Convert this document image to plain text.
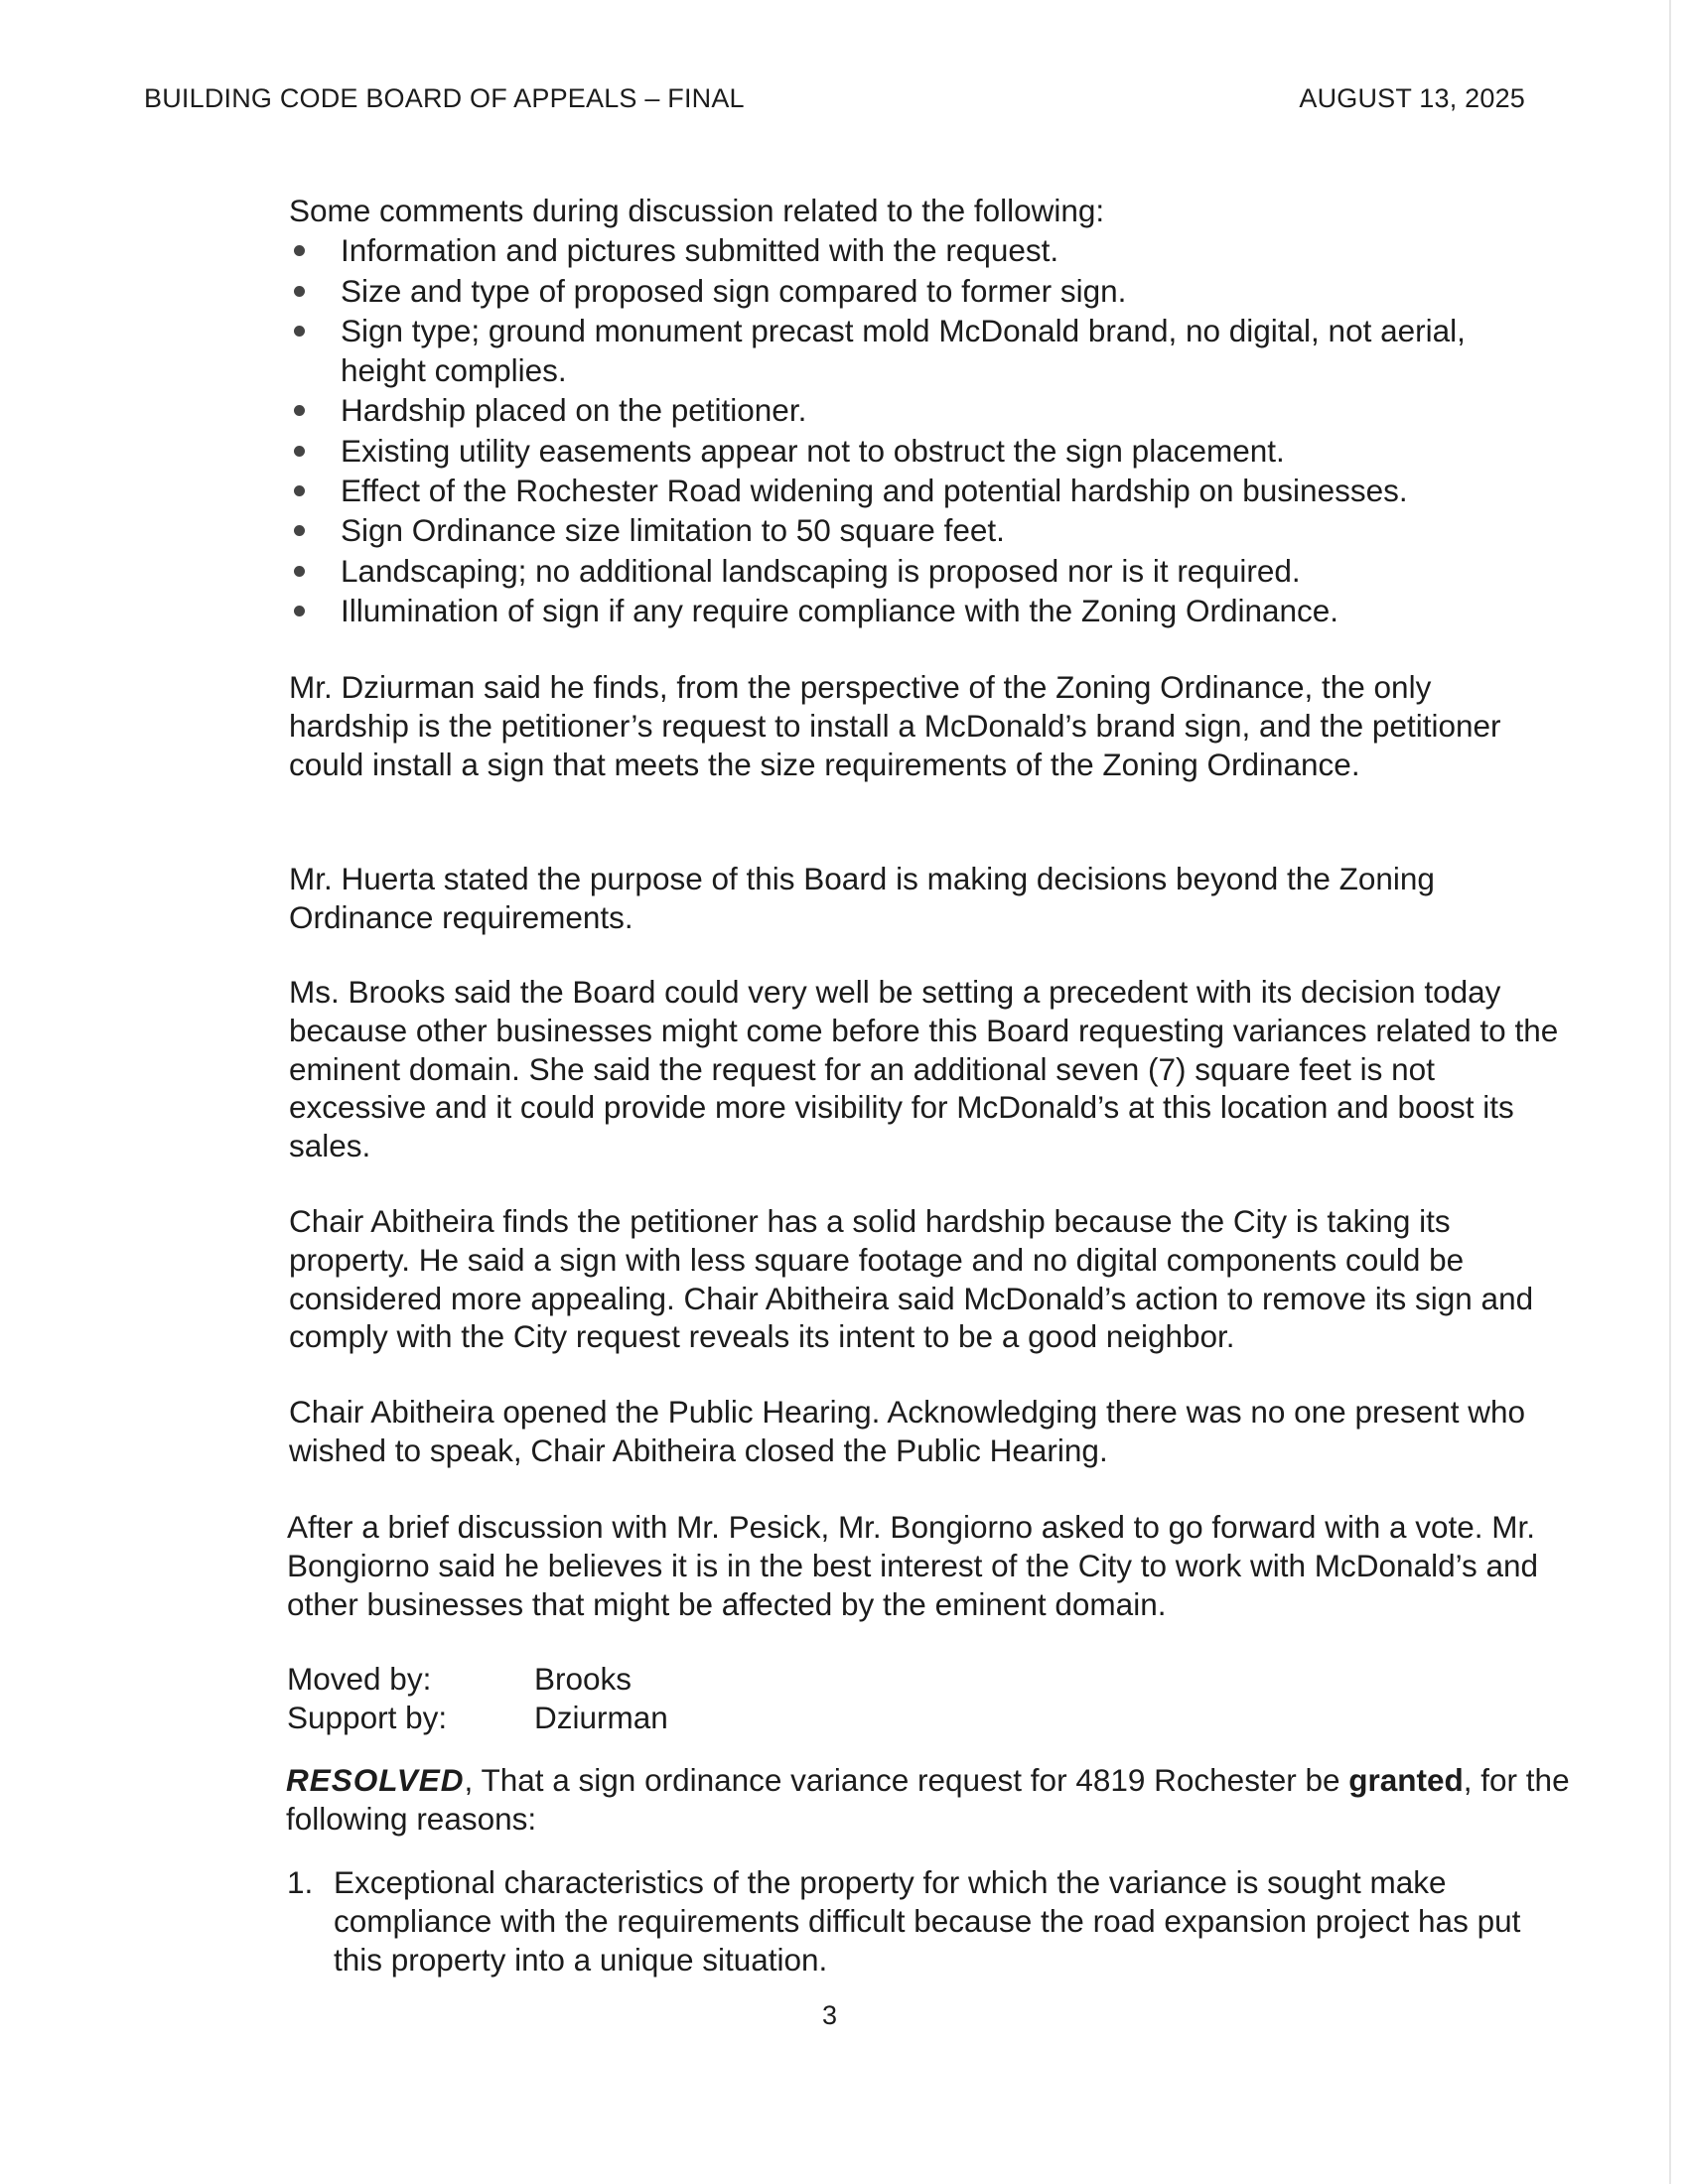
BUILDING CODE BOARD OF APPEALS – FINAL	AUGUST 13, 2025

Some comments during discussion related to the following:

Information and pictures submitted with the request.
Size and type of proposed sign compared to former sign.
Sign type; ground monument precast mold McDonald brand, no digital, not aerial, height complies.
Hardship placed on the petitioner.
Existing utility easements appear not to obstruct the sign placement.
Effect of the Rochester Road widening and potential hardship on businesses.
Sign Ordinance size limitation to 50 square feet.
Landscaping; no additional landscaping is proposed nor is it required.
Illumination of sign if any require compliance with the Zoning Ordinance.

Mr. Dziurman said he finds, from the perspective of the Zoning Ordinance, the only hardship is the petitioner’s request to install a McDonald’s brand sign, and the petitioner could install a sign that meets the size requirements of the Zoning Ordinance.

Mr. Huerta stated the purpose of this Board is making decisions beyond the Zoning Ordinance requirements.

Ms. Brooks said the Board could very well be setting a precedent with its decision today because other businesses might come before this Board requesting variances related to the eminent domain. She said the request for an additional seven (7) square feet is not excessive and it could provide more visibility for McDonald’s at this location and boost its sales.

Chair Abitheira finds the petitioner has a solid hardship because the City is taking its property. He said a sign with less square footage and no digital components could be considered more appealing. Chair Abitheira said McDonald’s action to remove its sign and comply with the City request reveals its intent to be a good neighbor.

Chair Abitheira opened the Public Hearing. Acknowledging there was no one present who wished to speak, Chair Abitheira closed the Public Hearing.

After a brief discussion with Mr. Pesick, Mr. Bongiorno asked to go forward with a vote. Mr. Bongiorno said he believes it is in the best interest of the City to work with McDonald’s and other businesses that might be affected by the eminent domain.

Moved by:	Brooks
Support by:	Dziurman

RESOLVED, That a sign ordinance variance request for 4819 Rochester be granted, for the following reasons:

1. Exceptional characteristics of the property for which the variance is sought make compliance with the requirements difficult because the road expansion project has put this property into a unique situation.
3
